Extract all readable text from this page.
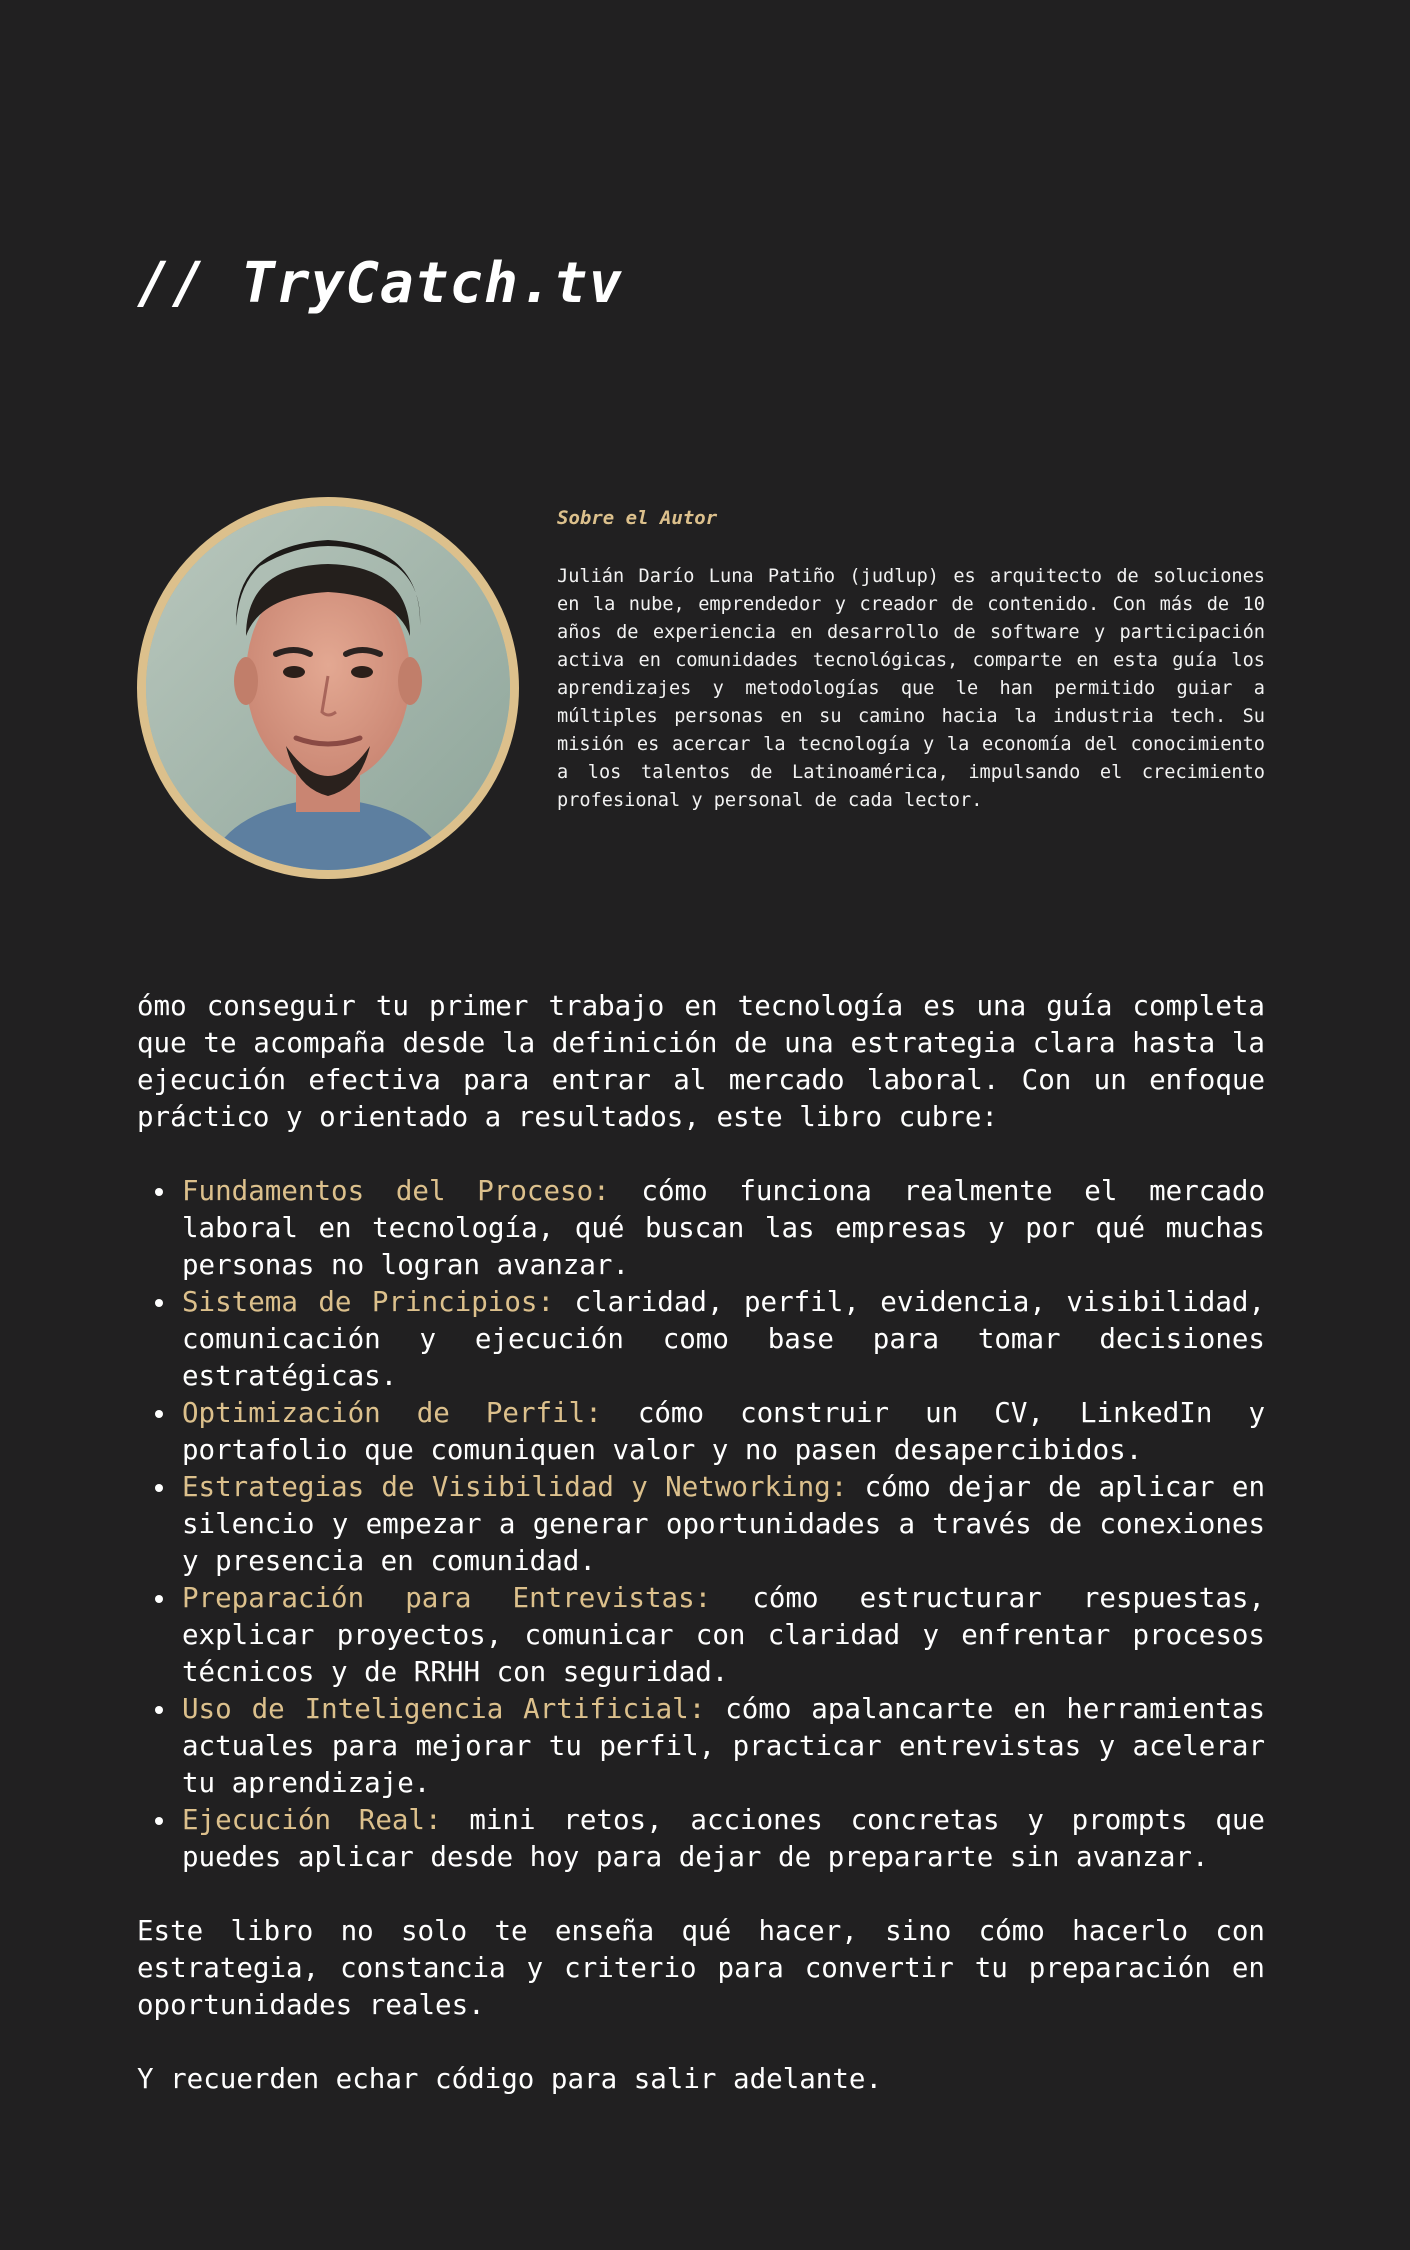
// TryCatch.tv
Sobre el Autor

Julián Darío Luna Patiño (judlup) es arquitecto de soluciones en la nube, emprendedor y creador de contenido. Con más de 10 años de experiencia en desarrollo de software y participación activa en comunidades tecnológicas, comparte en esta guía los aprendizajes y metodologías que le han permitido guiar a múltiples personas en su camino hacia la industria tech. Su misión es acercar la tecnología y la economía del conocimiento a los talentos de Latinoamérica, impulsando el crecimiento profesional y personal de cada lector.

ómo conseguir tu primer trabajo en tecnología es una guía completa que te acompaña desde la definición de una estrategia clara hasta la ejecución efectiva para entrar al mercado laboral. Con un enfoque práctico y orientado a resultados, este libro cubre:

Fundamentos del Proceso: cómo funciona realmente el mercado laboral en tecnología, qué buscan las empresas y por qué muchas personas no logran avanzar.
Sistema de Principios: claridad, perfil, evidencia, visibilidad, comunicación y ejecución como base para tomar decisiones estratégicas.
Optimización de Perfil: cómo construir un CV, LinkedIn y portafolio que comuniquen valor y no pasen desapercibidos.
Estrategias de Visibilidad y Networking: cómo dejar de aplicar en silencio y empezar a generar oportunidades a través de conexiones y presencia en comunidad.
Preparación para Entrevistas: cómo estructurar respuestas, explicar proyectos, comunicar con claridad y enfrentar procesos técnicos y de RRHH con seguridad.
Uso de Inteligencia Artificial: cómo apalancarte en herramientas actuales para mejorar tu perfil, practicar entrevistas y acelerar tu aprendizaje.
Ejecución Real: mini retos, acciones concretas y prompts que puedes aplicar desde hoy para dejar de prepararte sin avanzar.

Este libro no solo te enseña qué hacer, sino cómo hacerlo con estrategia, constancia y criterio para convertir tu preparación en oportunidades reales.

Y recuerden echar código para salir adelante.
